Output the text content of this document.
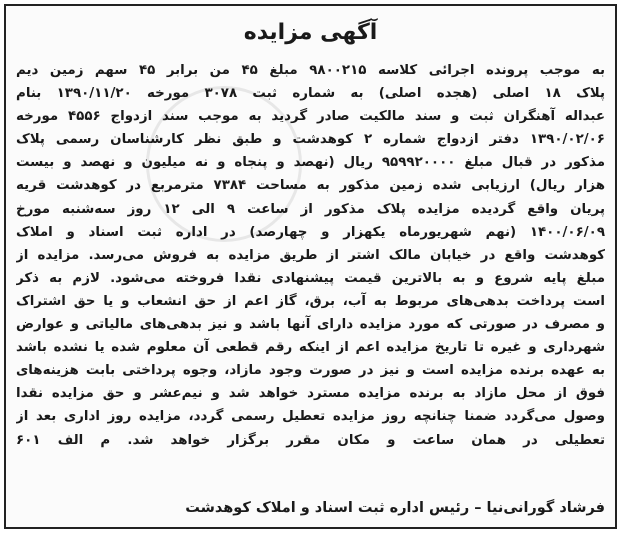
آگهی مزایده
به موجب پرونده اجرائی کلاسه ۹۸۰۰۲۱۵ مبلغ ۴۵ من برابر ۴۵ سهم زمین دیم
پلاک ۱۸ اصلی (هجده اصلی) به شماره ثبت ۳۰۷۸ مورخه ۱۳۹۰/۱۱/۲۰ بنام
عبداله آهنگران ثبت و سند مالکیت صادر گردید به موجب سند ازدواج ۴۵۵۶ مورخه
۱۳۹۰/۰۲/۰۶ دفتر ازدواج شماره ۲ کوهدشت و طبق نظر کارشناسان رسمی پلاک
مذکور در قبال مبلغ ۹۵۹۹۲۰۰۰۰ ریال (نهصد و پنجاه و نه میلیون و نهصد و بیست
هزار ریال) ارزیابی شده زمین مذکور به مساحت ۷۳۸۴ مترمربع در کوهدشت قریه
پریان واقع گردیده مزایده پلاک مذکور از ساعت ۹ الی ۱۲ روز سه‌شنبه مورخ
۱۴۰۰/۰۶/۰۹ (نهم شهریورماه یکهزار و چهارصد) در اداره ثبت اسناد و املاک
کوهدشت واقع در خیابان مالک اشتر از طریق مزایده به فروش می‌رسد. مزایده از
مبلغ پایه شروع و به بالاترین قیمت پیشنهادی نقدا فروخته می‌شود. لازم به ذکر
است پرداخت بدهی‌های مربوط به آب، برق، گاز اعم از حق انشعاب و یا حق اشتراک
و مصرف در صورتی که مورد مزایده دارای آنها باشد و نیز بدهی‌های مالیاتی و عوارض
شهرداری و غیره تا تاریخ مزایده اعم از اینکه رقم قطعی آن معلوم شده یا نشده باشد
به عهده برنده مزایده است و نیز در صورت وجود مازاد، وجوه پرداختی بابت هزینه‌های
فوق از محل مازاد به برنده مزایده مسترد خواهد شد و نیم‌عشر و حق مزایده نقدا
وصول می‌گردد ضمنا چنانچه روز مزایده تعطیل رسمی گردد، مزایده روز اداری بعد از
تعطیلی در همان ساعت و مکان مقرر برگزار خواهد شد. م الف ۶۰۱
فرشاد گورانی‌نیا – رئیس اداره ثبت اسناد و املاک کوهدشت
